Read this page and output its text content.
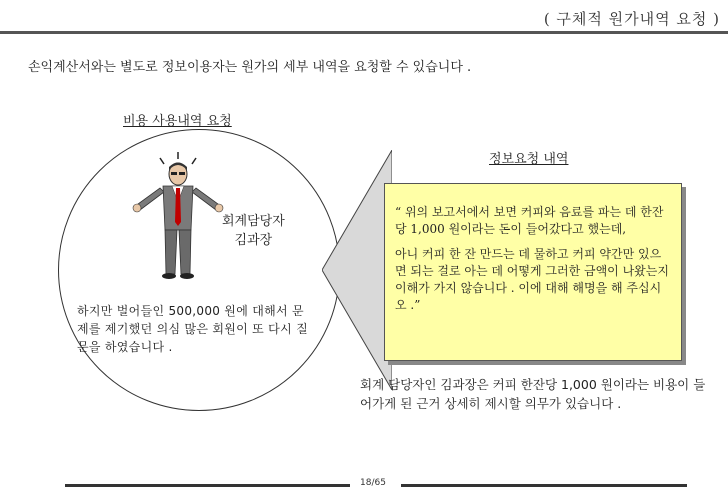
( 구체적 원가내역 요청 )
손익계산서와는 별도로 정보이용자는 원가의 세부 내역을 요청할 수 있습니다 .
비용 사용내역 요청
회계담당자
김과장
하지만 벌어들인 500,000 원에 대해서 문제를 제기했던 의심 많은 회원이 또 다시 질문을 하였습니다 .
정보요청 내역

“ 위의 보고서에서 보면 커피와 음료를 파는 데 한잔당 1,000 원이라는 돈이 들어갔다고 했는데,

아니 커피 한 잔 만드는 데 물하고 커피 약간만 있으면 되는 걸로 아는 데 어떻게 그러한 금액이 나왔는지 이해가 가지 않습니다 . 이에 대해 해명을 해 주십시오 .”

회계 담당자인 김과장은 커피 한잔당 1,000 원이라는 비용이 들어가게 된 근거 상세히 제시할 의무가 있습니다 .
18/65
